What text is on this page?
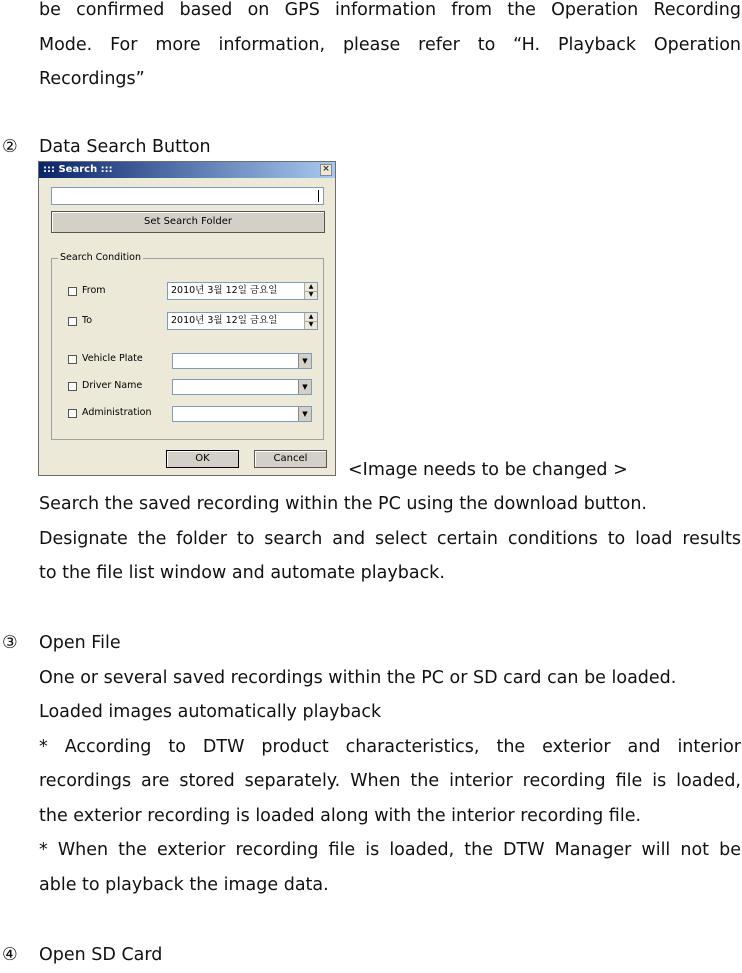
be confirmed based on GPS information from the Operation Recording
Mode. For more information, please refer to “H. Playback Operation
Recordings”
② Data Search Button
::: Search :::	×
Set Search Folder
Search Condition
From	2010년 3월 12일 금요일	▲
▼
To	2010년 3월 12일 금요일	▲
▼
Vehicle Plate	▼
Driver Name	▼
Administration	▼
OK	Cancel
<Image needs to be changed >
Search the saved recording within the PC using the download button.
Designate the folder to search and select certain conditions to load results
to the file list window and automate playback.
③ Open File
One or several saved recordings within the PC or SD card can be loaded.
Loaded images automatically playback
* According to DTW product characteristics, the exterior and interior
recordings are stored separately. When the interior recording file is loaded,
the exterior recording is loaded along with the interior recording file.
* When the exterior recording file is loaded, the DTW Manager will not be
able to playback the image data.
④ Open SD Card
